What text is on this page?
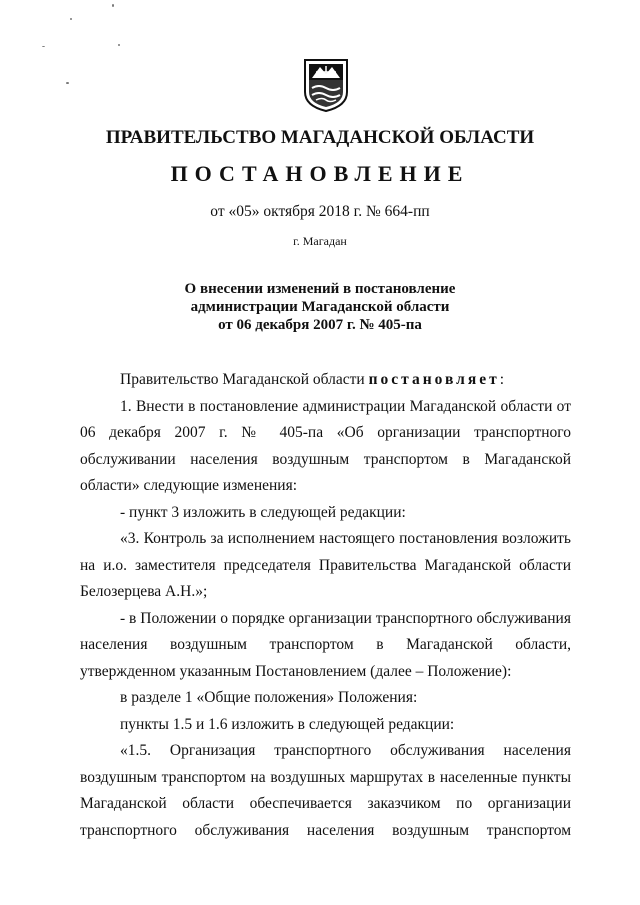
ПРАВИТЕЛЬСТВО МАГАДАНСКОЙ ОБЛАСТИ
ПОСТАНОВЛЕНИЕ
от «05» октября 2018 г. № 664-пп
г. Магадан
О внесении изменений в постановление
администрации Магаданской области
от 06 декабря 2007 г. № 405-па
Правительство Магаданской области постановляет:
1. Внести в постановление администрации Магаданской области от 06 декабря 2007 г. № 405-па «Об организации транспортного обслуживании населения воздушным транспортом в Магаданской области» следующие изменения:
- пункт 3 изложить в следующей редакции:
«3. Контроль за исполнением настоящего постановления возложить на и.о. заместителя председателя Правительства Магаданской области Белозерцева А.Н.»;
- в Положении о порядке организации транспортного обслуживания населения воздушным транспортом в Магаданской области, утвержденном указанным Постановлением (далее – Положение):
в разделе 1 «Общие положения» Положения:
пункты 1.5 и 1.6 изложить в следующей редакции:
«1.5. Организация транспортного обслуживания населения воздушным транспортом на воздушных маршрутах в населенные пункты Магаданской области обеспечивается заказчиком по организации транспортного обслуживания населения воздушным транспортом
